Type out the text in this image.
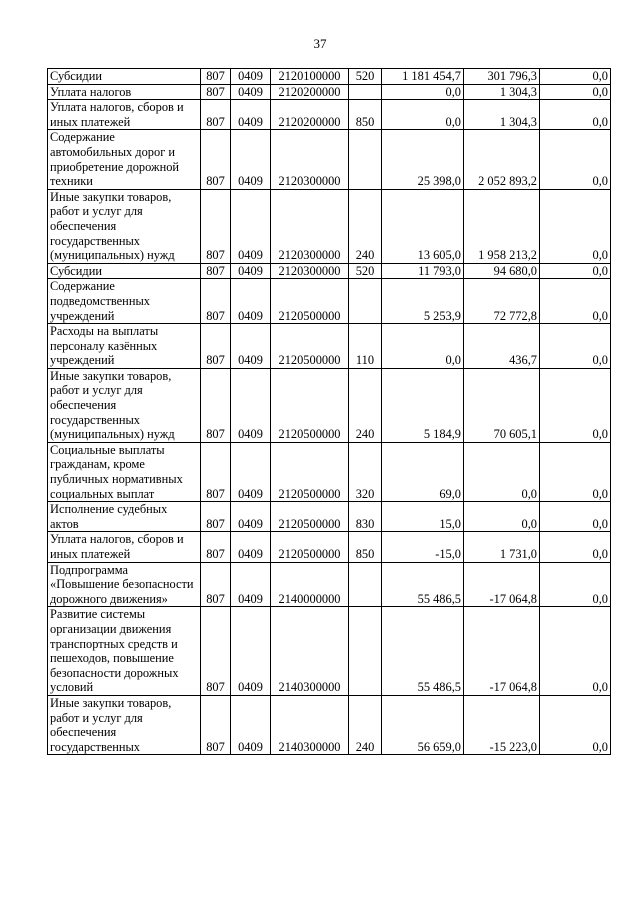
37
Субсидии	807	0409	2120100000	520	1 181 454,7	301 796,3	0,0
Уплата налогов	807	0409	2120200000		0,0	1 304,3	0,0
Уплата налогов, сборов и иных платежей	807	0409	2120200000	850	0,0	1 304,3	0,0
Содержание автомобильных дорог и приобретение дорожной техники	807	0409	2120300000		25 398,0	2 052 893,2	0,0
Иные закупки товаров, работ и услуг для обеспечения государственных (муниципальных) нужд	807	0409	2120300000	240	13 605,0	1 958 213,2	0,0
Субсидии	807	0409	2120300000	520	11 793,0	94 680,0	0,0
Содержание подведомственных учреждений	807	0409	2120500000		5 253,9	72 772,8	0,0
Расходы на выплаты персоналу казённых учреждений	807	0409	2120500000	110	0,0	436,7	0,0
Иные закупки товаров, работ и услуг для обеспечения государственных (муниципальных) нужд	807	0409	2120500000	240	5 184,9	70 605,1	0,0
Социальные выплаты гражданам, кроме публичных нормативных социальных выплат	807	0409	2120500000	320	69,0	0,0	0,0
Исполнение судебных актов	807	0409	2120500000	830	15,0	0,0	0,0
Уплата налогов, сборов и иных платежей	807	0409	2120500000	850	-15,0	1 731,0	0,0
Подпрограмма «Повышение безопасности дорожного движения»	807	0409	2140000000		55 486,5	-17 064,8	0,0
Развитие системы организации движения транспортных средств и пешеходов, повышение безопасности дорожных условий	807	0409	2140300000		55 486,5	-17 064,8	0,0
Иные закупки товаров, работ и услуг для обеспечения государственных	807	0409	2140300000	240	56 659,0	-15 223,0	0,0
